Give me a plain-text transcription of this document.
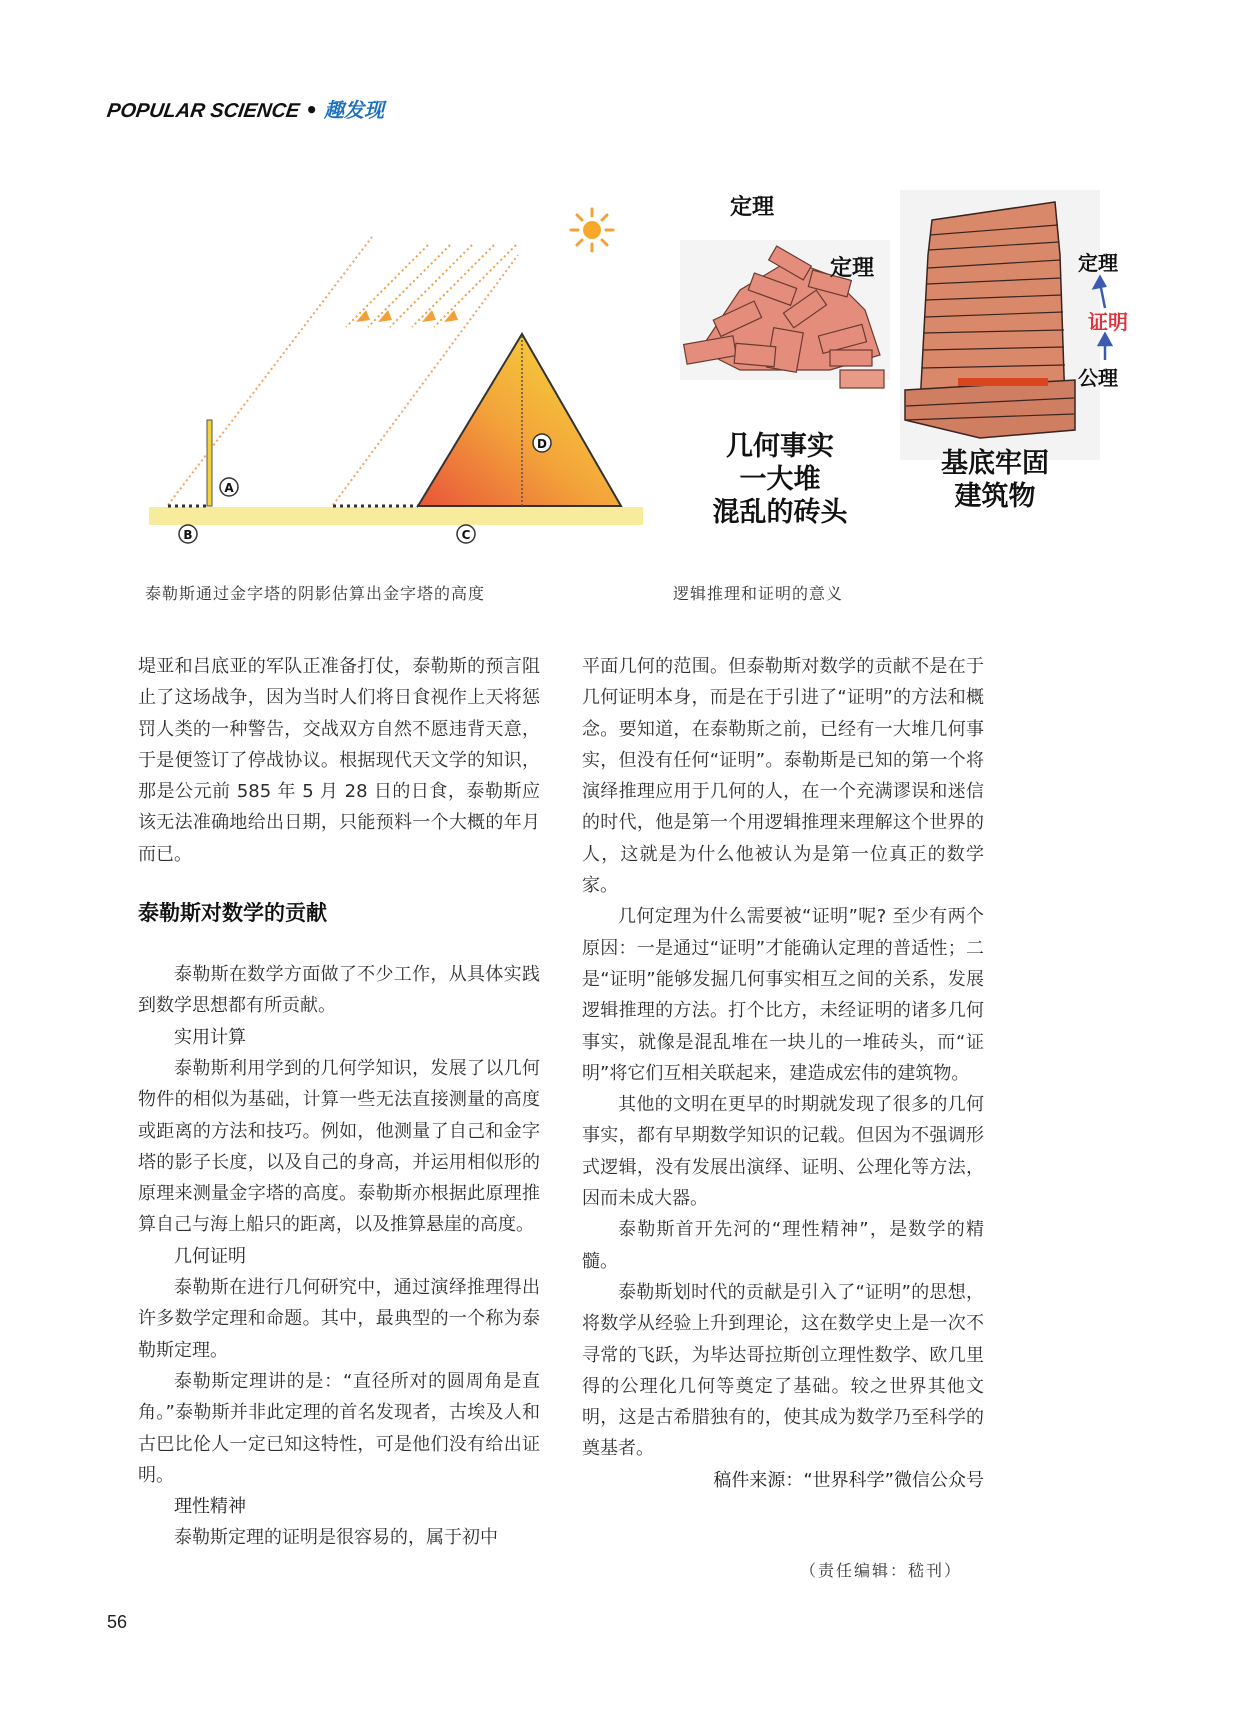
POPULAR SCIENCE • 趣发现
A
B	C
D
定理
定理
几何事实
一大堆
混乱的砖头
定理
证明
公理
基底牢固
建筑物
泰勒斯通过金字塔的阴影估算出金字塔的高度	逻辑推理和证明的意义

堤亚和吕底亚的军队正准备打仗，泰勒斯的预言阻止了这场战争，因为当时人们将日食视作上天将惩罚人类的一种警告，交战双方自然不愿违背天意，于是便签订了停战协议。根据现代天文学的知识，那是公元前 585 年 5 月 28 日的日食，泰勒斯应该无法准确地给出日期，只能预料一个大概的年月而已。

泰勒斯对数学的贡献

泰勒斯在数学方面做了不少工作，从具体实践到数学思想都有所贡献。

实用计算

泰勒斯利用学到的几何学知识，发展了以几何物件的相似为基础，计算一些无法直接测量的高度或距离的方法和技巧。例如，他测量了自己和金字塔的影子长度，以及自己的身高，并运用相似形的原理来测量金字塔的高度。泰勒斯亦根据此原理推算自己与海上船只的距离，以及推算悬崖的高度。

几何证明

泰勒斯在进行几何研究中，通过演绎推理得出许多数学定理和命题。其中，最典型的一个称为泰勒斯定理。

泰勒斯定理讲的是：“直径所对的圆周角是直角。”泰勒斯并非此定理的首名发现者，古埃及人和古巴比伦人一定已知这特性，可是他们没有给出证明。

理性精神

泰勒斯定理的证明是很容易的，属于初中

平面几何的范围。但泰勒斯对数学的贡献不是在于几何证明本身，而是在于引进了“证明”的方法和概念。要知道，在泰勒斯之前，已经有一大堆几何事实，但没有任何“证明”。泰勒斯是已知的第一个将演绎推理应用于几何的人，在一个充满谬误和迷信的时代，他是第一个用逻辑推理来理解这个世界的人，这就是为什么他被认为是第一位真正的数学家。

几何定理为什么需要被“证明”呢? 至少有两个原因：一是通过“证明”才能确认定理的普适性；二是“证明”能够发掘几何事实相互之间的关系，发展逻辑推理的方法。打个比方，未经证明的诸多几何事实，就像是混乱堆在一块儿的一堆砖头，而“证明”将它们互相关联起来，建造成宏伟的建筑物。

其他的文明在更早的时期就发现了很多的几何事实，都有早期数学知识的记载。但因为不强调形式逻辑，没有发展出演绎、证明、公理化等方法，因而未成大器。

泰勒斯首开先河的“理性精神”，是数学的精髓。

泰勒斯划时代的贡献是引入了“证明”的思想，将数学从经验上升到理论，这在数学史上是一次不寻常的飞跃，为毕达哥拉斯创立理性数学、欧几里得的公理化几何等奠定了基础。较之世界其他文明，这是古希腊独有的，使其成为数学乃至科学的奠基者。

稿件来源：“世界科学”微信公众号

（责任编辑：嵇刊）
56
